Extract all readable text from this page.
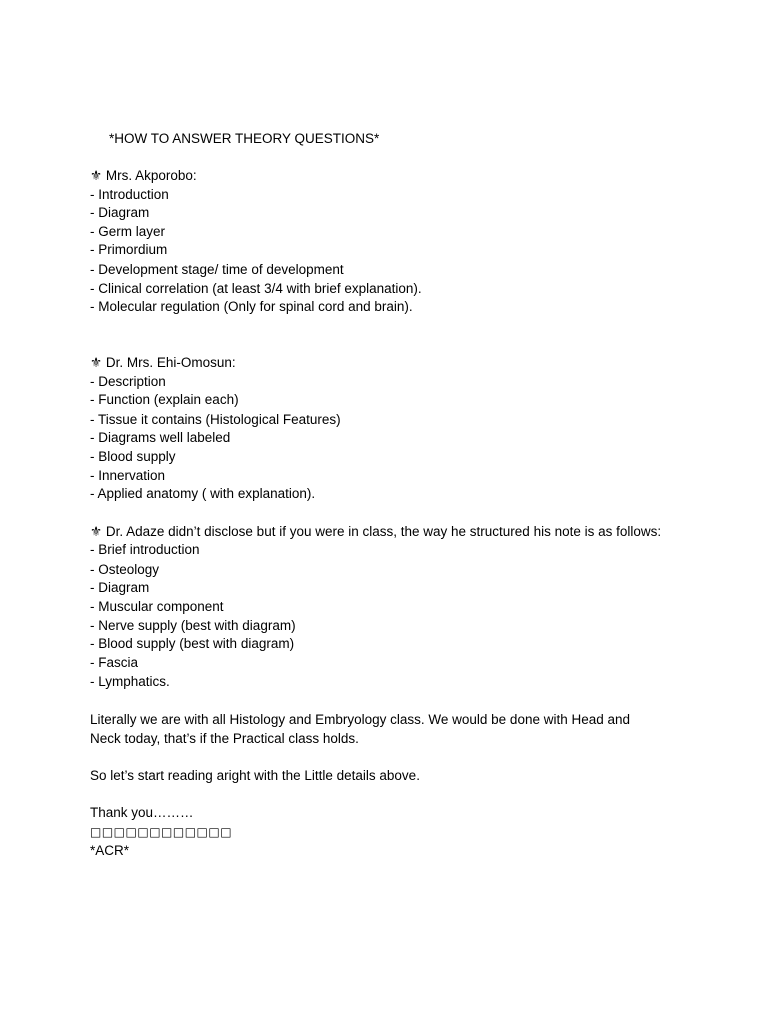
*HOW TO ANSWER THEORY QUESTIONS*
⚜ Mrs. Akporobo:
- Introduction
- Diagram
- Germ layer
- Primordium
- Development stage/ time of development
- Clinical correlation (at least 3/4 with brief explanation).
- Molecular regulation (Only for spinal cord and brain).
⚜ Dr. Mrs. Ehi-Omosun:
- Description
- Function (explain each)
- Tissue it contains (Histological Features)
- Diagrams well labeled
- Blood supply
- Innervation
- Applied anatomy ( with explanation).
⚜ Dr. Adaze didn’t disclose but if you were in class, the way he structured his note is as follows:
- Brief introduction
- Osteology
- Diagram
- Muscular component
- Nerve supply (best with diagram)
- Blood supply (best with diagram)
- Fascia
- Lymphatics.
Literally we are with all Histology and Embryology class. We would be done with Head and
Neck today, that’s if the Practical class holds.
So let’s start reading aright with the Little details above.
Thank you………
□□□□□□□□□□□□
*ACR*
